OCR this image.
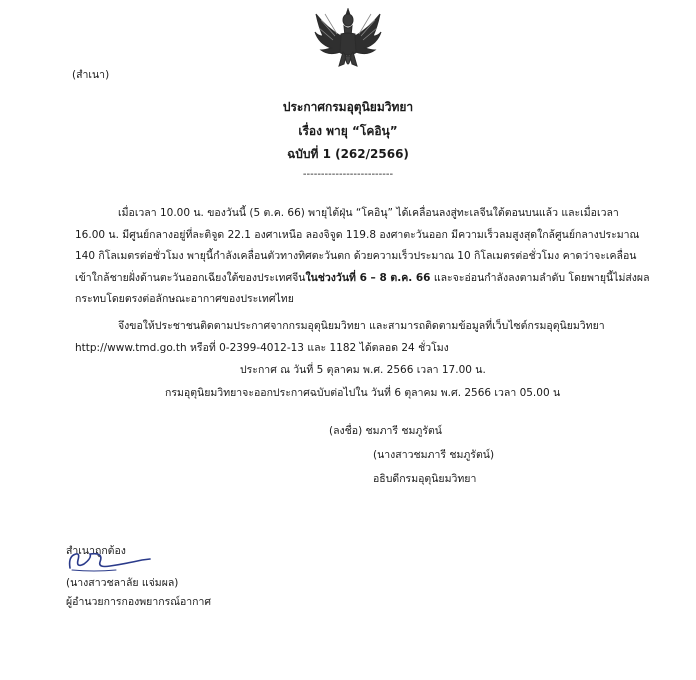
(สำเนา)
ประกาศกรมอุตุนิยมวิทยา
เรื่อง พายุ “โคอินุ”
ฉบับที่ 1 (262/2566)
-------------------------
เมื่อเวลา 10.00 น. ของวันนี้ (5 ต.ค. 66) พายุไต้ฝุ่น “โคอินุ” ได้เคลื่อนลงสู่ทะเลจีนใต้ตอนบนแล้ว และเมื่อเวลา
16.00 น. มีศูนย์กลางอยู่ที่ละติจูด 22.1 องศาเหนือ ลองจิจูด 119.8 องศาตะวันออก มีความเร็วลมสูงสุดใกล้ศูนย์กลางประมาณ
140 กิโลเมตรต่อชั่วโมง พายุนี้กำลังเคลื่อนตัวทางทิศตะวันตก ด้วยความเร็วประมาณ 10 กิโลเมตรต่อชั่วโมง คาดว่าจะเคลื่อน
เข้าใกล้ชายฝั่งด้านตะวันออกเฉียงใต้ของประเทศจีนในช่วงวันที่ 6 – 8 ต.ค. 66 และจะอ่อนกำลังลงตามลำดับ โดยพายุนี้ไม่ส่งผล
กระทบโดยตรงต่อลักษณะอากาศของประเทศไทย
จึงขอให้ประชาชนติดตามประกาศจากกรมอุตุนิยมวิทยา และสามารถติดตามข้อมูลที่เว็บไซต์กรมอุตุนิยมวิทยา
http://www.tmd.go.th หรือที่ 0-2399-4012-13 และ 1182 ได้ตลอด 24 ชั่วโมง
ประกาศ ณ วันที่ 5 ตุลาคม พ.ศ. 2566 เวลา 17.00 น.
กรมอุตุนิยมวิทยาจะออกประกาศฉบับต่อไปใน วันที่ 6 ตุลาคม พ.ศ. 2566 เวลา 05.00 น
(ลงชื่อ) ชมภารี ชมภูรัตน์
(นางสาวชมภารี ชมภูรัตน์)
อธิบดีกรมอุตุนิยมวิทยา
สำเนาถูกต้อง
(นางสาวชลาลัย แจ่มผล)
ผู้อำนวยการกองพยากรณ์อากาศ
